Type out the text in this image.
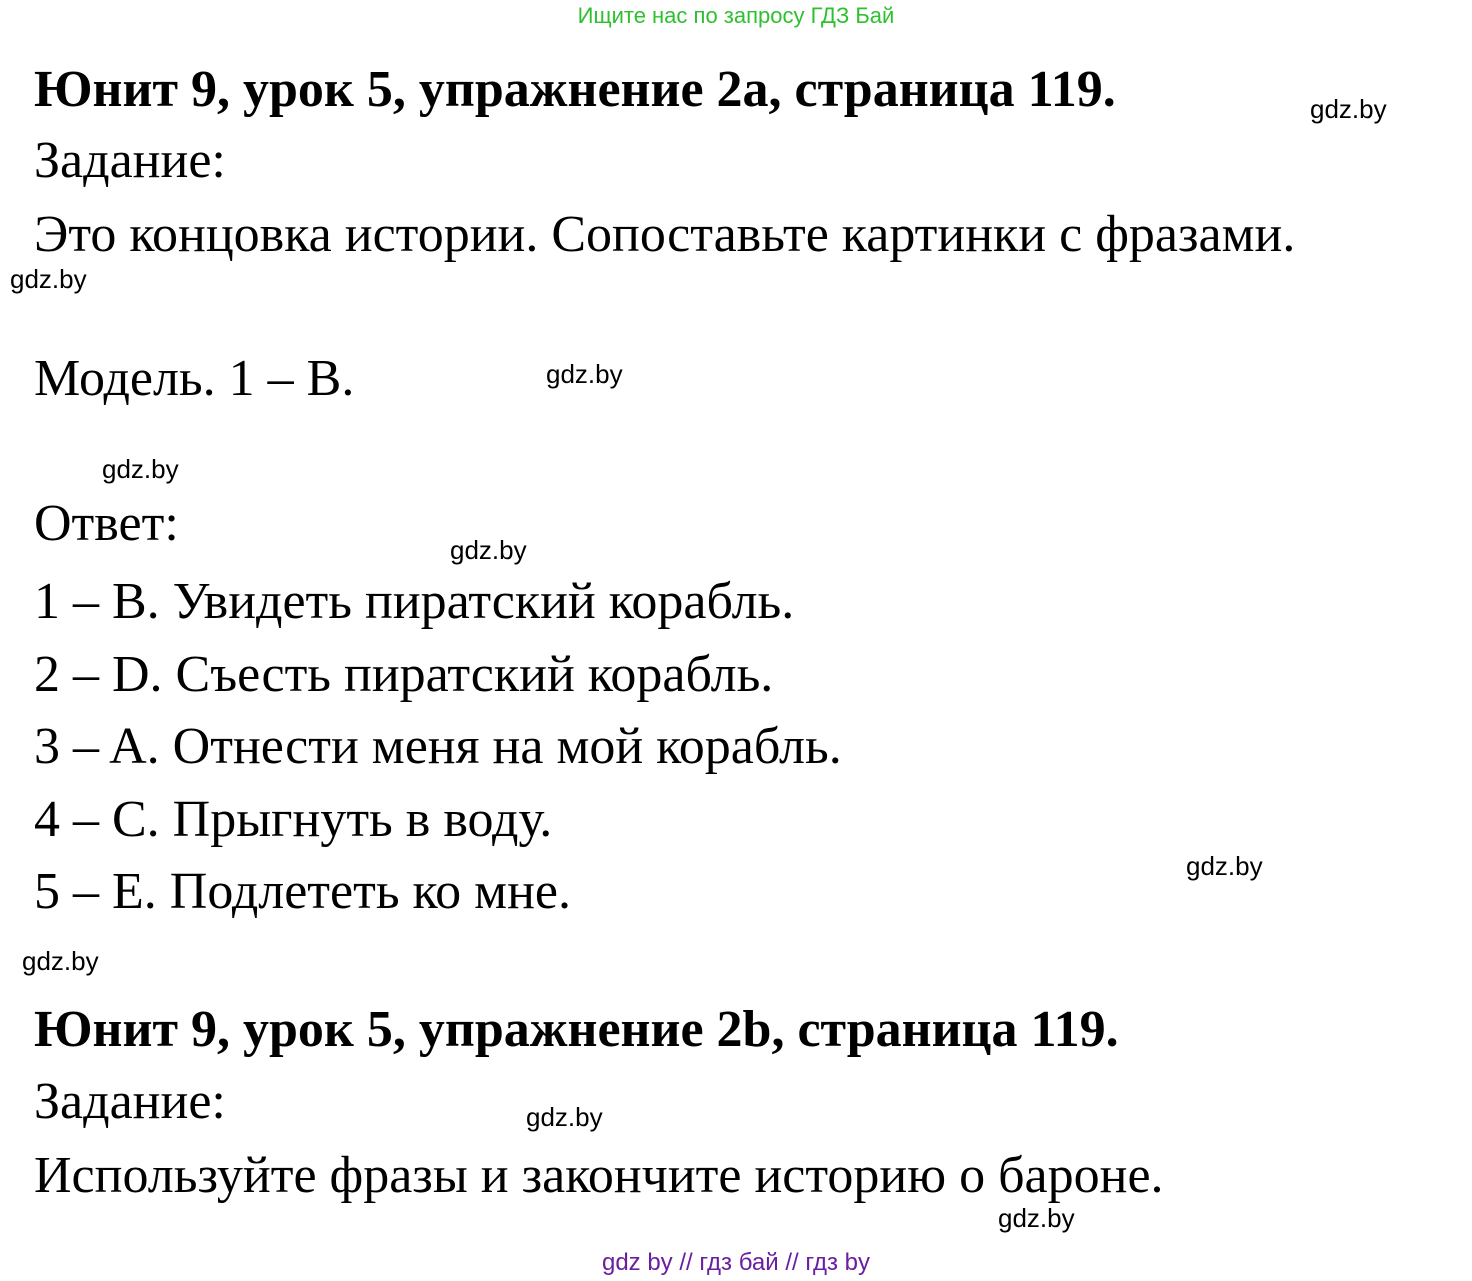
Ищите нас по запросу ГДЗ Бай
Юнит 9, урок 5, упражнение 2a, страница 119.
Задание:
Это концовка истории. Сопоставьте картинки с фразами.
Модель. 1 – B.
Ответ:
1 – B. Увидеть пиратский корабль.
2 – D. Съесть пиратский корабль.
3 – A. Отнести меня на мой корабль.
4 – C. Прыгнуть в воду.
5 – E. Подлететь ко мне.
Юнит 9, урок 5, упражнение 2b, страница 119.
Задание:
Используйте фразы и закончите историю о бароне.
gdz.by
gdz.by
gdz.by
gdz.by
gdz.by
gdz.by
gdz.by
gdz.by
gdz.by
gdz by // гдз бай // гдз by
